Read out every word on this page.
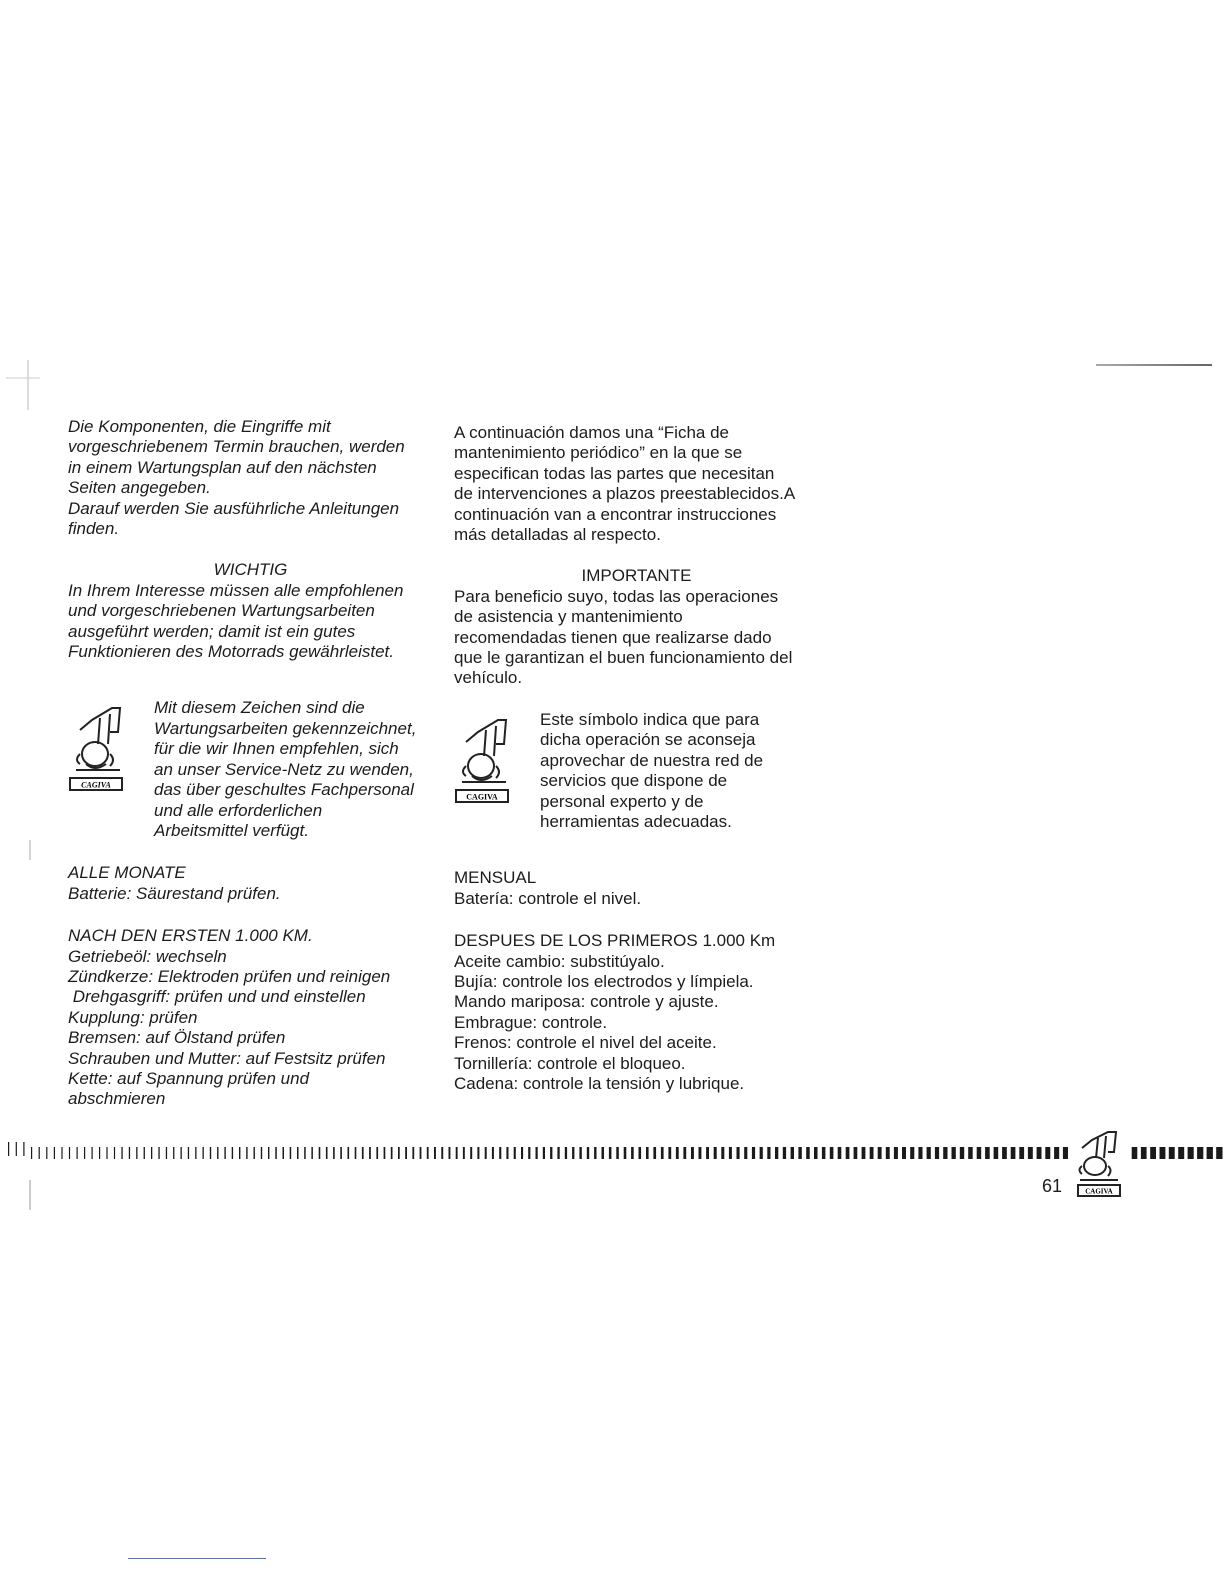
Die Komponenten, die Eingriffe mit

vorgeschriebenem Termin brauchen, werden

in einem Wartungsplan auf den nächsten

Seiten angegeben.

Darauf werden Sie ausführliche Anleitungen

finden.

WICHTIG

In Ihrem Interesse müssen alle empfohlenen

und vorgeschriebenen Wartungsarbeiten

ausgeführt werden; damit ist ein gutes

Funktionieren des Motorrads gewährleistet.

CAGIVA

Mit diesem Zeichen sind die

Wartungsarbeiten gekennzeichnet,

für die wir Ihnen empfehlen, sich

an unser Service-Netz zu wenden,

das über geschultes Fachpersonal

und alle erforderlichen

Arbeitsmittel verfügt.

ALLE MONATE

Batterie: Säurestand prüfen.

NACH DEN ERSTEN 1.000 KM.

Getriebeöl: wechseln

Zündkerze: Elektroden prüfen und reinigen

Drehgasgriff: prüfen und und einstellen

Kupplung: prüfen

Bremsen: auf Ölstand prüfen

Schrauben und Mutter: auf Festsitz prüfen

Kette: auf Spannung prüfen und

abschmieren

A continuación damos una “Ficha de

mantenimiento periódico” en la que se

especifican todas las partes que necesitan

de intervenciones a plazos preestablecidos.A

continuación van a encontrar instrucciones

más detalladas al respecto.

IMPORTANTE

Para beneficio suyo, todas las operaciones

de asistencia y mantenimiento

recomendadas tienen que realizarse dado

que le garantizan el buen funcionamiento del

vehículo.

CAGIVA

Este símbolo indica que para

dicha operación se aconseja

aprovechar de nuestra red de

servicios que dispone de

personal experto y de

herramientas adecuadas.

MENSUAL

Batería: controle el nivel.

DESPUES DE LOS PRIMEROS 1.000 Km

Aceite cambio: substitúyalo.

Bujía: controle los electrodos y límpiela.

Mando mariposa: controle y ajuste.

Embrague: controle.

Frenos: controle el nivel del aceite.

Tornillería: controle el bloqueo.

Cadena: controle la tensión y lubrique.

CAGIVA
61
